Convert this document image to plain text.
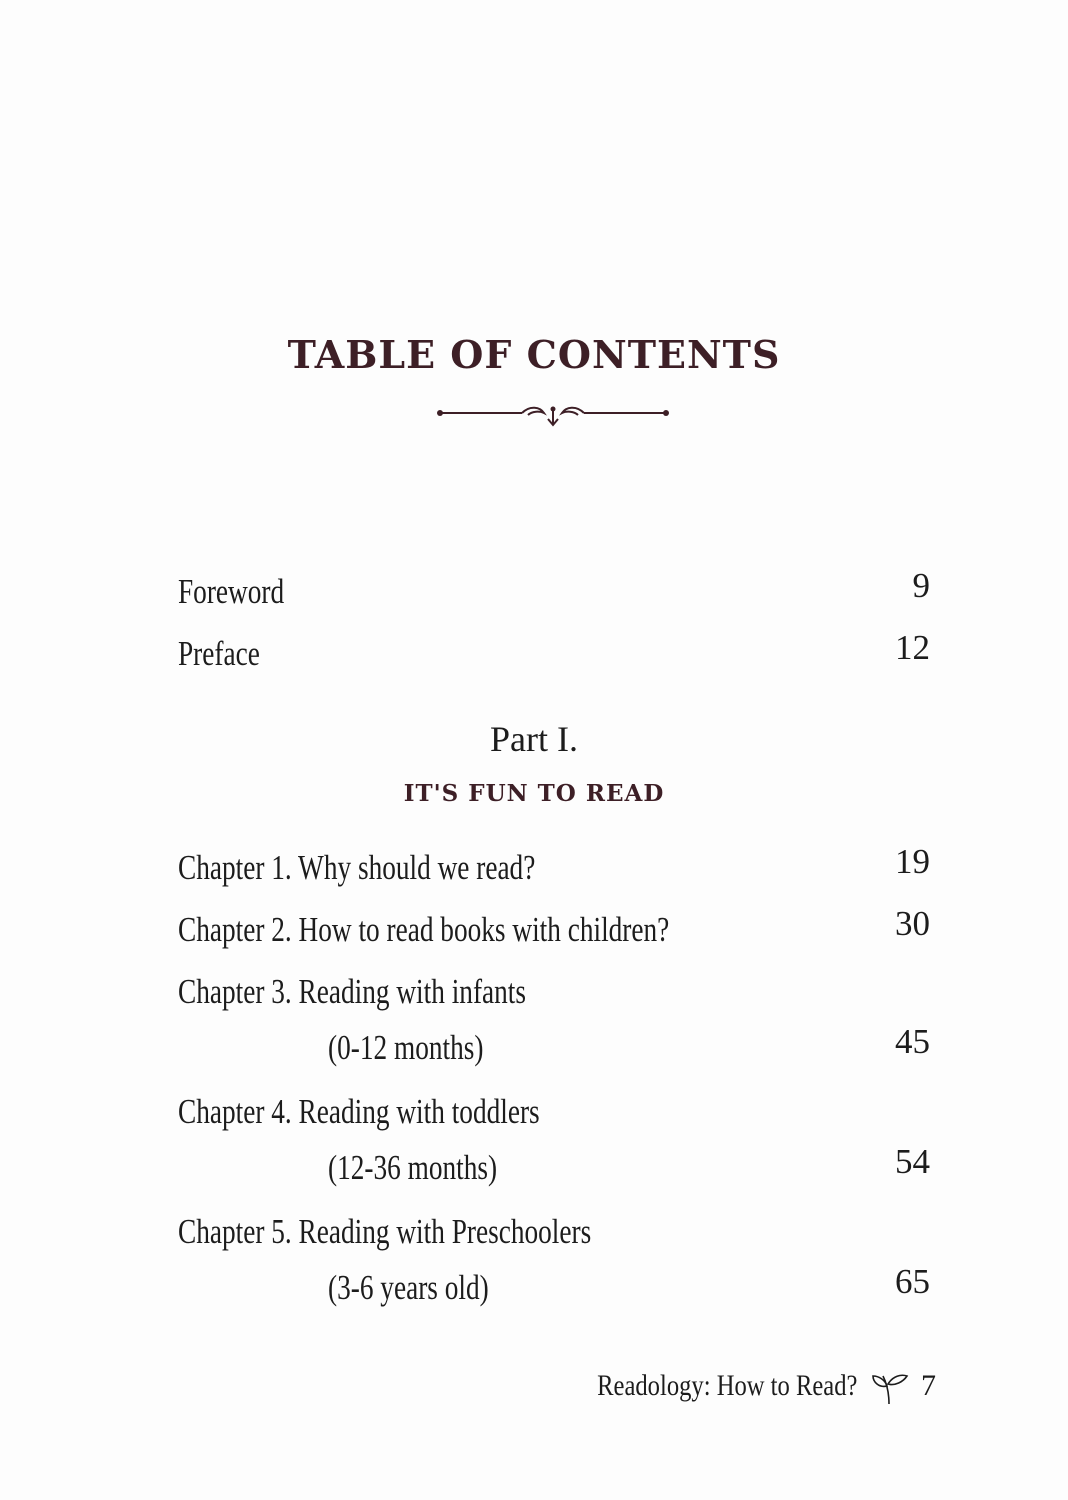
TABLE OF CONTENTS
Foreword	9
Preface	12
Part I.
IT'S FUN TO READ
Chapter 1. Why should we read?	19
Chapter 2. How to read books with children?	30
Chapter 3. Reading with infants
(0-12 months)	45
Chapter 4. Reading with toddlers
(12-36 months)	54
Chapter 5. Reading with Preschoolers
(3-6 years old)	65
Readology: How to Read? 7
